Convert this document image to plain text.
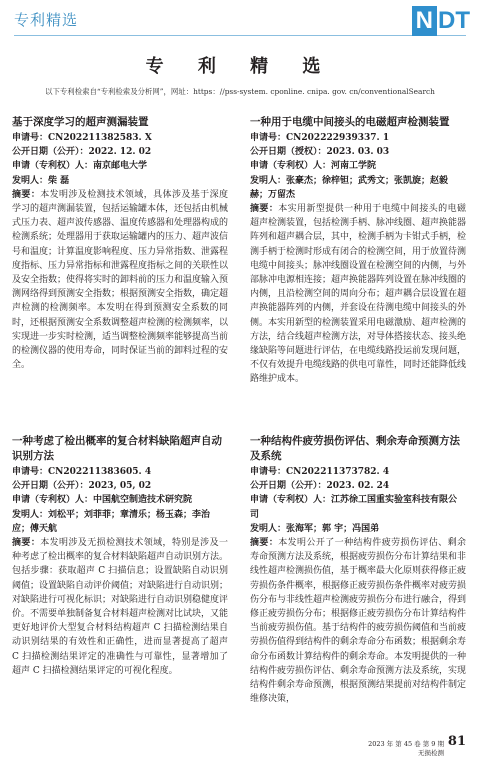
专利精选	N DT
专 利 精 选
以下专利检索自“专利检索及分析网”，网址：https：//pss-system. cponline. cnipa. gov. cn/conventionalSearch
基于深度学习的超声测漏装置
申请号：CN202211382583. X
公开日期（公开）：2022. 12. 02
申请（专利权）人：南京邮电大学
发明人：柴 磊
摘要：本发明涉及检测技术领域，具体涉及基于深度学习的超声测漏装置，包括运输罐本体，还包括由机械式压力表、超声波传感器、温度传感器和处理器构成的检测系统；处理器用于获取运输罐内的压力、超声波信号和温度；计算温度影响程度、压力异常指数、泄露程度指标、压力异常指标和泄露程度指标之间的关联性以及安全指数；使得将实时的卸料前的压力和温度输入预测网络得到预测安全指数；根据预测安全指数，确定超声检测的检测频率。本发明在得到预测安全系数的同时，还根据预测安全系数调整超声检测的检测频率，以实现进一步实时检测，适当调整检测频率能够提高当前的检测仪器的使用寿命，同时保证当前的卸料过程的安全。
一种用于电缆中间接头的电磁超声检测装置
申请号：CN202222939337. 1
公开日期（授权）：2023. 03. 03
申请（专利权）人：河南工学院
发明人：张豪杰；徐梓钽；武秀文；张凯旋；赵毅赫；万留杰
摘要：本实用新型提供一种用于电缆中间接头的电磁超声检测装置，包括检测手柄、脉冲线圈、超声换能器阵列和超声耦合层，其中，检测手柄为卡钳式手柄，检测手柄于检测时形成有闭合的检测空间，用于放置待测电缆中间接头；脉冲线圈设置在检测空间的内侧，与外部脉冲电源相连接；超声换能器阵列设置在脉冲线圈的内侧，且沿检测空间的周向分布；超声耦合层设置在超声换能器阵列的内侧，并套设在待测电缆中间接头的外侧。本实用新型的检测装置采用电磁激励、超声检测的方法，结合线超声检测方法，对导体搭接状态、接头绝缘缺陷等问题进行评估，在电缆线路投运前发现问题，不仅有效提升电缆线路的供电可靠性，同时还能降低线路维护成本。
一种考虑了检出概率的复合材料缺陷超声自动识别方法
申请号：CN202211383605. 4
公开日期（公开）：2023, 05, 02
申请（专利权）人：中国航空制造技术研究院
发明人：刘松平；刘菲菲；章清乐；杨玉森；李治应；傅天航
摘要：本发明涉及无损检测技术领域，特别是涉及一种考虑了检出概率的复合材料缺陷超声自动识别方法。包括步骤：获取超声 C 扫描信息；设置缺陷自动识别阈值；设置缺陷自动评价阈值；对缺陷进行自动识别；对缺陷进行可视化标识；对缺陷进行自动识别稳健度评价。不需要单独制备复合材料超声检测对比试块，又能更好地评价大型复合材料结构超声 C 扫描检测结果自动识别结果的有效性和正确性，进而显著提高了超声 C 扫描检测结果评定的准确性与可靠性，显著增加了超声 C 扫描检测结果评定的可视化程度。
一种结构件疲劳损伤评估、剩余寿命预测方法及系统
申请号：CN202211373782. 4
公开日期（公开）：2023. 02. 24
申请（专利权）人：江苏徐工国重实验室科技有限公司
发明人：张海军；郭 宇；冯国弟
摘要：本发明公开了一种结构件疲劳损伤评估、剩余寿命预测方法及系统，根据疲劳损伤分布计算结果和非线性超声检测损伤值，基于概率最大化原则获得修正疲劳损伤条件概率，根据修正疲劳损伤条件概率对疲劳损伤分布与非线性超声检测疲劳损伤分布进行融合，得到修正疲劳损伤分布；根据修正疲劳损伤分布计算结构件当前疲劳损伤值。基于结构件的疲劳损伤阈值和当前疲劳损伤值得到结构件的剩余寿命分布函数；根据剩余寿命分布函数计算结构件的剩余寿命。本发明提供的一种结构件疲劳损伤评估、剩余寿命预测方法及系统，实现结构件剩余寿命预测，根据预测结果提前对结构件制定维修决策，
2023 年 第 45 卷 第 9 期
无损检测
81
